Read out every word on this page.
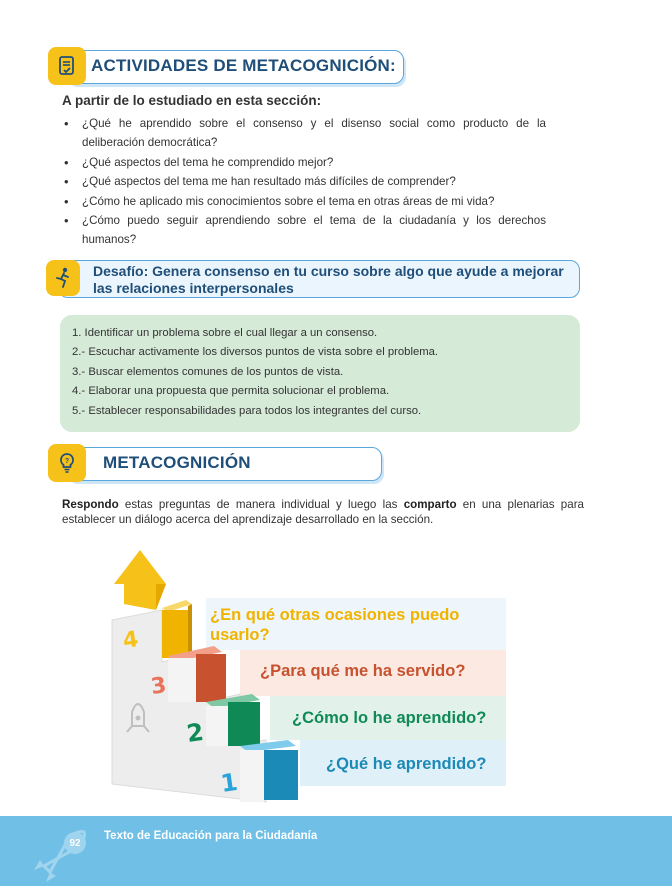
ACTIVIDADES DE METACOGNICIÓN:
A partir de lo estudiado en esta sección:
• ¿Qué he aprendido sobre el consenso y el disenso social como producto de la deliberación democrática?
• ¿Qué aspectos del tema he comprendido mejor?
• ¿Qué aspectos del tema me han resultado más difíciles de comprender?
• ¿Cómo he aplicado mis conocimientos sobre el tema en otras áreas de mi vida?
• ¿Cómo puedo seguir aprendiendo sobre el tema de la ciudadanía y los derechos humanos?
Desafío: Genera consenso en tu curso sobre algo que ayude a mejorar las relaciones interpersonales

1. Identificar un problema sobre el cual llegar a un consenso.

2.- Escuchar activamente los diversos puntos de vista sobre el problema.

3.- Buscar elementos comunes de los puntos de vista.

4.- Elaborar una propuesta que permita solucionar el problema.

5.- Establecer responsabilidades para todos los integrantes del curso.

METACOGNICIÓN
?

Respondo estas preguntas de manera individual y luego las comparto en una plenarias para establecer un diálogo acerca del aprendizaje desarrollado en la sección.

4
3
2
1
¿En qué otras ocasiones puedo
usarlo?
¿Para qué me ha servido?
¿Cómo lo he aprendido?
¿Qué he aprendido?
92
Texto de Educación para la Ciudadanía
